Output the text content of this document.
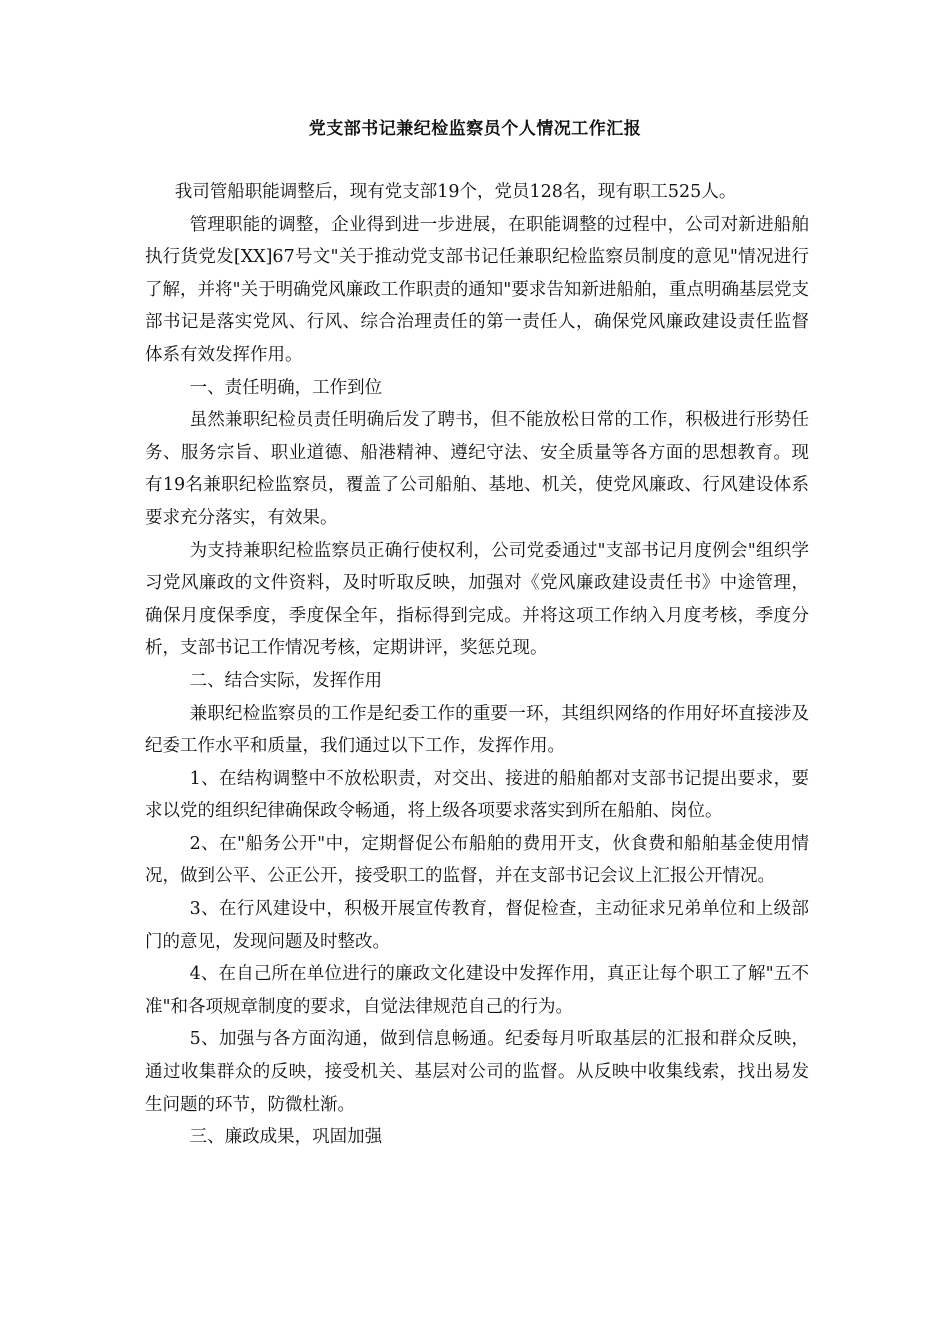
党支部书记兼纪检监察员个人情况工作汇报

我司管船职能调整后，现有党支部19个，党员128名，现有职工525人。

管理职能的调整，企业得到进一步进展，在职能调整的过程中，公司对新进船舶执行货党发[XX]67号文"关于推动党支部书记任兼职纪检监察员制度的意见"情况进行了解，并将"关于明确党风廉政工作职责的通知"要求告知新进船舶，重点明确基层党支部书记是落实党风、行风、综合治理责任的第一责任人，确保党风廉政建设责任监督体系有效发挥作用。

一、责任明确，工作到位

虽然兼职纪检员责任明确后发了聘书，但不能放松日常的工作，积极进行形势任务、服务宗旨、职业道德、船港精神、遵纪守法、安全质量等各方面的思想教育。现有19名兼职纪检监察员，覆盖了公司船舶、基地、机关，使党风廉政、行风建设体系要求充分落实，有效果。

为支持兼职纪检监察员正确行使权利，公司党委通过"支部书记月度例会"组织学习党风廉政的文件资料，及时听取反映，加强对《党风廉政建设责任书》中途管理，确保月度保季度，季度保全年，指标得到完成。并将这项工作纳入月度考核，季度分析，支部书记工作情况考核，定期讲评，奖惩兑现。

二、结合实际，发挥作用

兼职纪检监察员的工作是纪委工作的重要一环，其组织网络的作用好坏直接涉及纪委工作水平和质量，我们通过以下工作，发挥作用。

1、在结构调整中不放松职责，对交出、接进的船舶都对支部书记提出要求，要求以党的组织纪律确保政令畅通，将上级各项要求落实到所在船舶、岗位。

2、在"船务公开"中，定期督促公布船舶的费用开支，伙食费和船舶基金使用情况，做到公平、公正公开，接受职工的监督，并在支部书记会议上汇报公开情况。

3、在行风建设中，积极开展宣传教育，督促检查，主动征求兄弟单位和上级部门的意见，发现问题及时整改。

4、在自己所在单位进行的廉政文化建设中发挥作用，真正让每个职工了解"五不准"和各项规章制度的要求，自觉法律规范自己的行为。

5、加强与各方面沟通，做到信息畅通。纪委每月听取基层的汇报和群众反映，通过收集群众的反映，接受机关、基层对公司的监督。从反映中收集线索，找出易发生问题的环节，防微杜渐。

三、廉政成果，巩固加强
